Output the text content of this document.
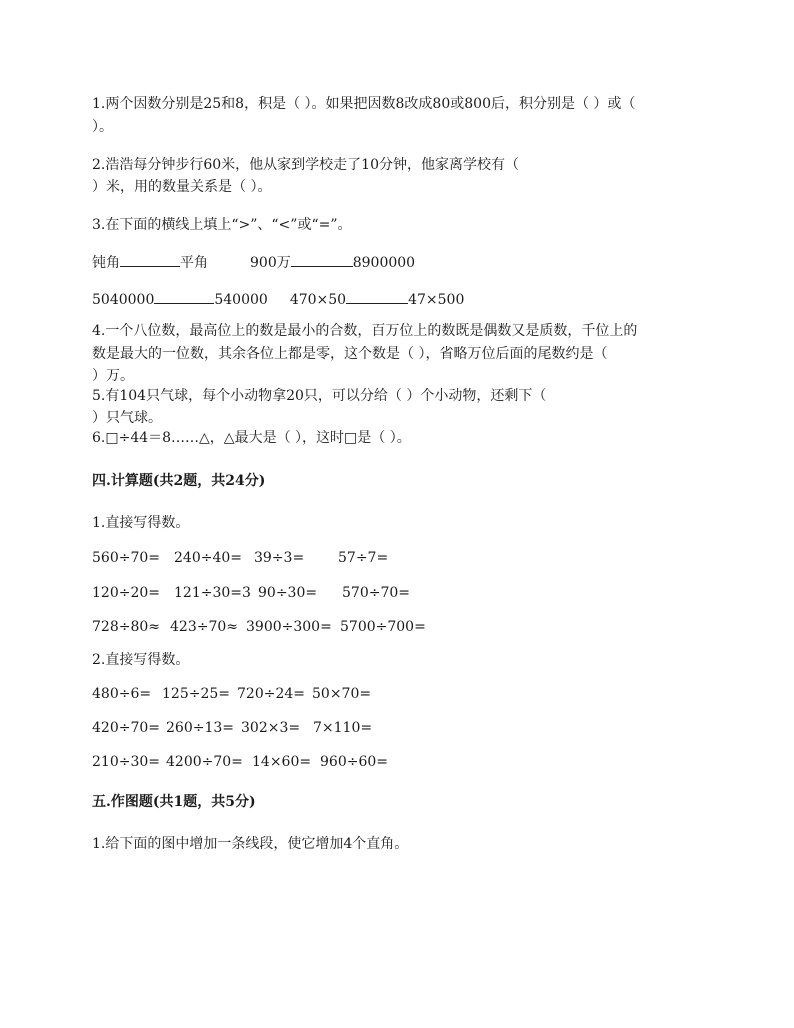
1.两个因数分别是25和8，积是（ ）。如果把因数8改成80或800后，积分别是（ ）或（
）。
2.浩浩每分钟步行60米，他从家到学校走了10分钟，他家离学校有（
）米，用的数量关系是（ ）。
3.在下面的横线上填上“>”、“<”或“=”。
钝角	平角	900万	8900000
5040000	540000 470×50	47×500
4.一个八位数，最高位上的数是最小的合数，百万位上的数既是偶数又是质数，千位上的
数是最大的一位数，其余各位上都是零，这个数是（ ），省略万位后面的尾数约是（
）万。
5.有104只气球，每个小动物拿20只，可以分给（ ）个小动物，还剩下（
）只气球。
6.□÷44＝8……△，△最大是（ ），这时□是（ ）。
四.计算题(共2题，共24分)
1.直接写得数。
560÷70= 240÷40= 39÷3= 57÷7=
120÷20= 121÷30=3 90÷30= 570÷70=
728÷80≈ 423÷70≈ 3900÷300= 5700÷700=
2.直接写得数。
480÷6= 125÷25= 720÷24= 50×70=
420÷70= 260÷13= 302×3= 7×110=
210÷30= 4200÷70= 14×60= 960÷60=
五.作图题(共1题，共5分)
1.给下面的图中增加一条线段，使它增加4个直角。
